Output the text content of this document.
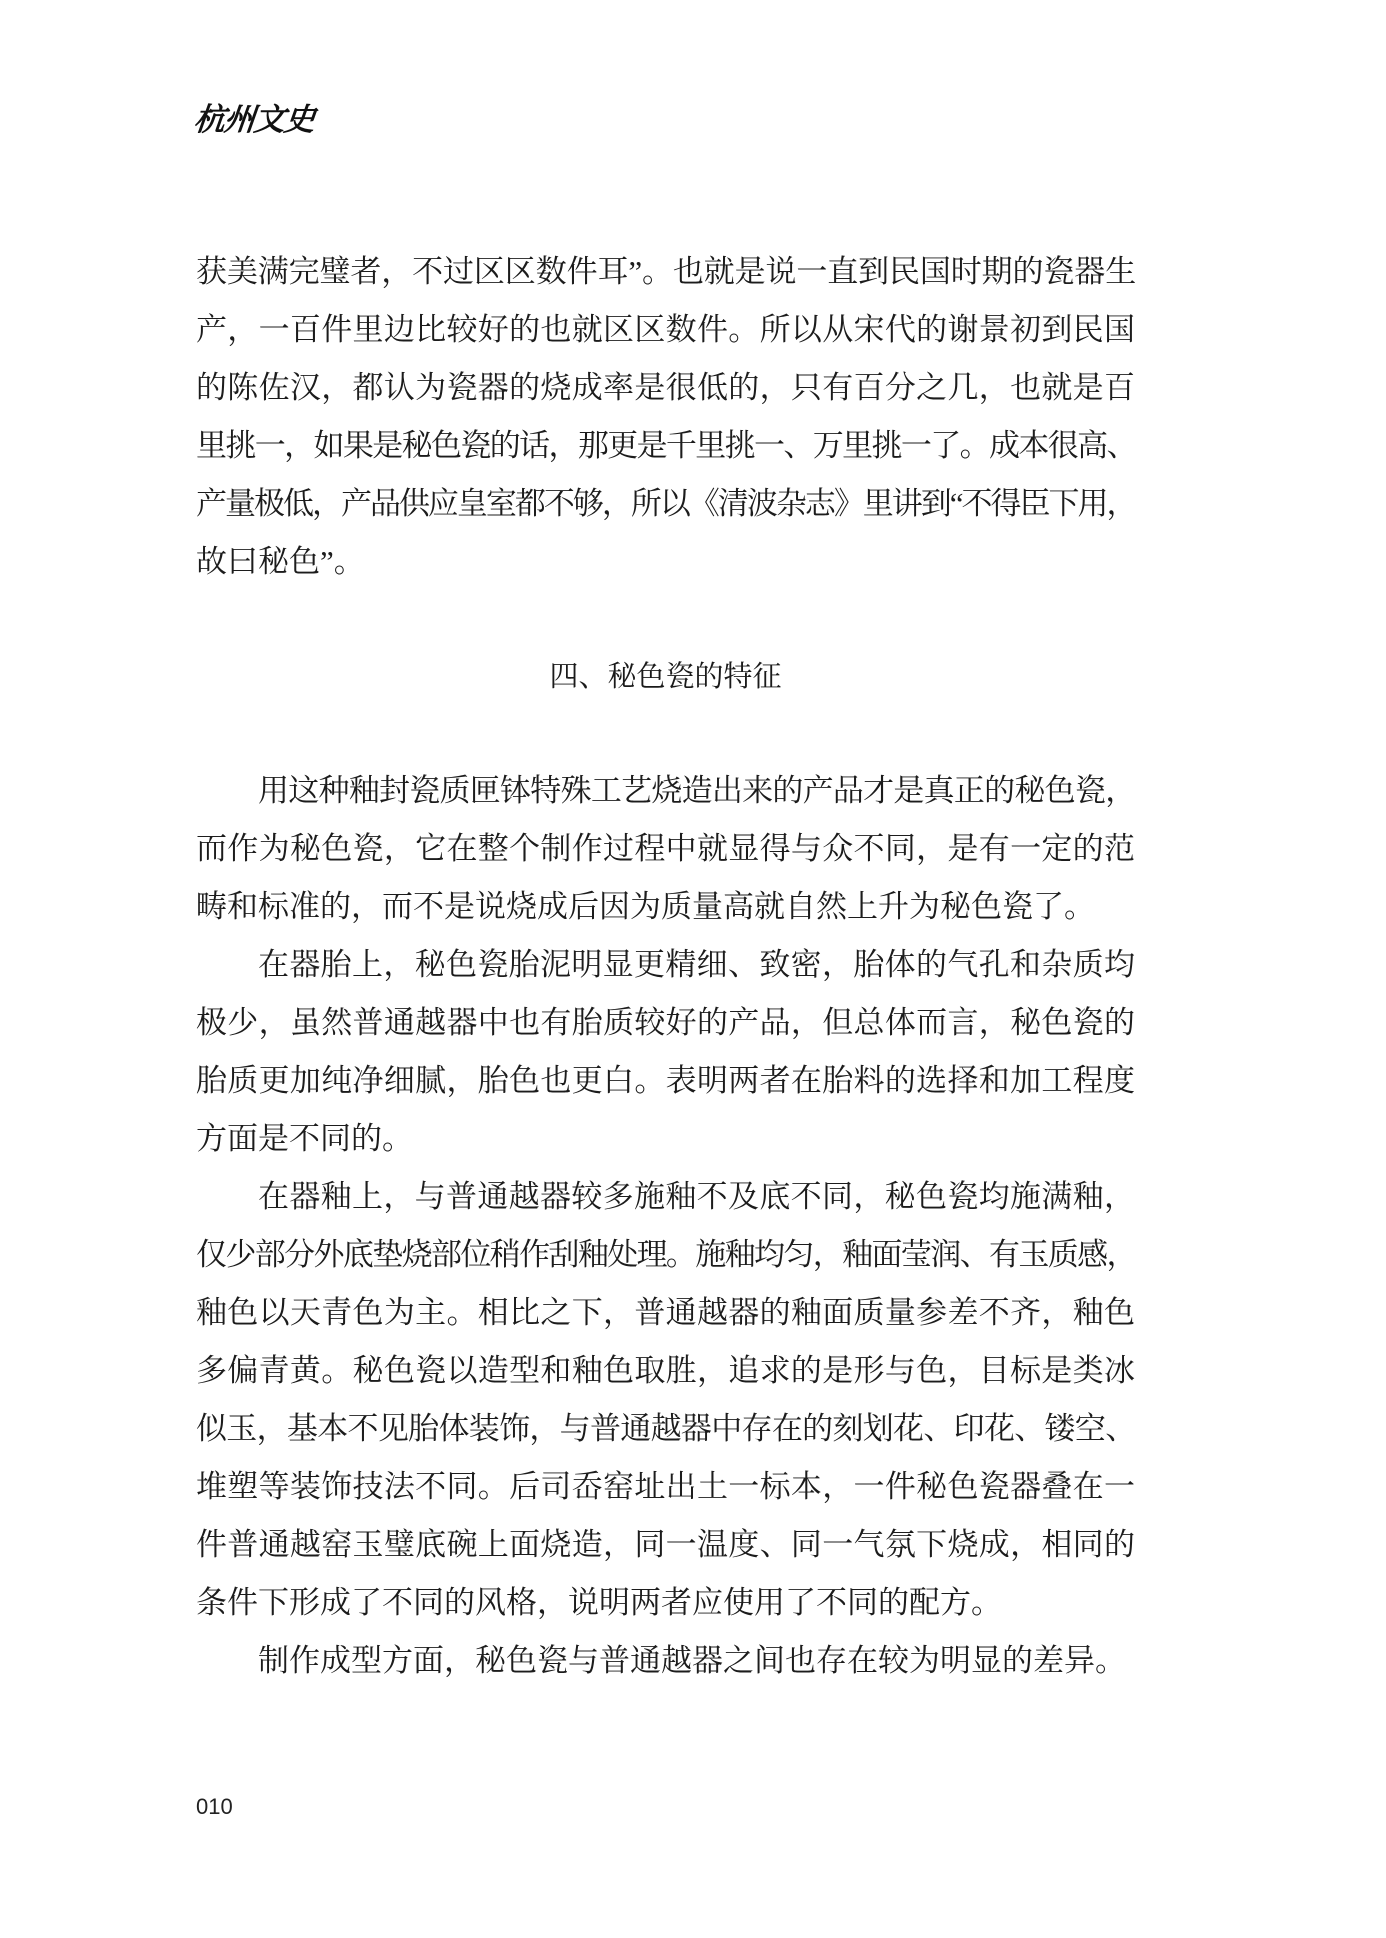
杭州文史
获美满完璧者，不过区区数件耳”。也就是说一直到民国时期的瓷器生
产，一百件里边比较好的也就区区数件。所以从宋代的谢景初到民国
的陈佐汉，都认为瓷器的烧成率是很低的，只有百分之几，也就是百
里挑一，如果是秘色瓷的话，那更是千里挑一、万里挑一了。成本很高、
产量极低，产品供应皇室都不够，所以《清波杂志》里讲到“不得臣下用，
故曰秘色”。
四、秘色瓷的特征
用这种釉封瓷质匣钵特殊工艺烧造出来的产品才是真正的秘色瓷，
而作为秘色瓷，它在整个制作过程中就显得与众不同，是有一定的范
畴和标准的，而不是说烧成后因为质量高就自然上升为秘色瓷了。
在器胎上，秘色瓷胎泥明显更精细、致密，胎体的气孔和杂质均
极少，虽然普通越器中也有胎质较好的产品，但总体而言，秘色瓷的
胎质更加纯净细腻，胎色也更白。表明两者在胎料的选择和加工程度
方面是不同的。
在器釉上，与普通越器较多施釉不及底不同，秘色瓷均施满釉，
仅少部分外底垫烧部位稍作刮釉处理。施釉均匀，釉面莹润、有玉质感，
釉色以天青色为主。相比之下，普通越器的釉面质量参差不齐，釉色
多偏青黄。秘色瓷以造型和釉色取胜，追求的是形与色，目标是类冰
似玉，基本不见胎体装饰，与普通越器中存在的刻划花、印花、镂空、
堆塑等装饰技法不同。后司岙窑址出土一标本，一件秘色瓷器叠在一
件普通越窑玉璧底碗上面烧造，同一温度、同一气氛下烧成，相同的
条件下形成了不同的风格，说明两者应使用了不同的配方。
制作成型方面，秘色瓷与普通越器之间也存在较为明显的差异。
010
